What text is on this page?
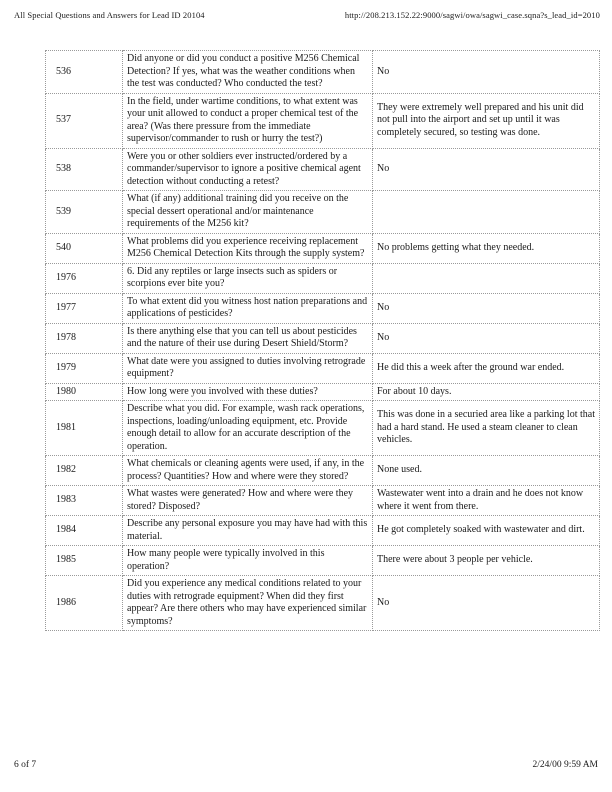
All Special Questions and Answers for Lead ID 20104	http://208.213.152.22:9000/sagwi/owa/sagwi_case.sqna?s_lead_id=2010
536	Did anyone or did you conduct a positive M256 Chemical Detection? If yes, what was the weather conditions when the test was conducted? Who conducted the test?	No
537	In the field, under wartime conditions, to what extent was your unit allowed to conduct a proper chemical test of the area? (Was there pressure from the immediate supervisor/commander to rush or hurry the test?)	They were extremely well prepared and his unit did not pull into the airport and set up until it was completely secured, so testing was done.
538	Were you or other soldiers ever instructed/ordered by a commander/supervisor to ignore a positive chemical agent detection without conducting a retest?	No
539	What (if any) additional training did you receive on the special dessert operational and/or maintenance requirements of the M256 kit?	
540	What problems did you experience receiving replacement M256 Chemical Detection Kits through the supply system?	No problems getting what they needed.
1976	6. Did any reptiles or large insects such as spiders or scorpions ever bite you?	
1977	To what extent did you witness host nation preparations and applications of pesticides?	No
1978	Is there anything else that you can tell us about pesticides and the nature of their use during Desert Shield/Storm?	No
1979	What date were you assigned to duties involving retrograde equipment?	He did this a week after the ground war ended.
1980	How long were you involved with these duties?	For about 10 days.
1981	Describe what you did. For example, wash rack operations, inspections, loading/unloading equipment, etc. Provide enough detail to allow for an accurate description of the operation.	This was done in a securied area like a parking lot that had a hard stand. He used a steam cleaner to clean vehicles.
1982	What chemicals or cleaning agents were used, if any, in the process? Quantities? How and where were they stored?	None used.
1983	What wastes were generated? How and where were they stored? Disposed?	Wastewater went into a drain and he does not know where it went from there.
1984	Describe any personal exposure you may have had with this material.	He got completely soaked with wastewater and dirt.
1985	How many people were typically involved in this operation?	There were about 3 people per vehicle.
1986	Did you experience any medical conditions related to your duties with retrograde equipment? When did they first appear? Are there others who may have experienced similar symptoms?	No
6 of 7	2/24/00 9:59 AM
